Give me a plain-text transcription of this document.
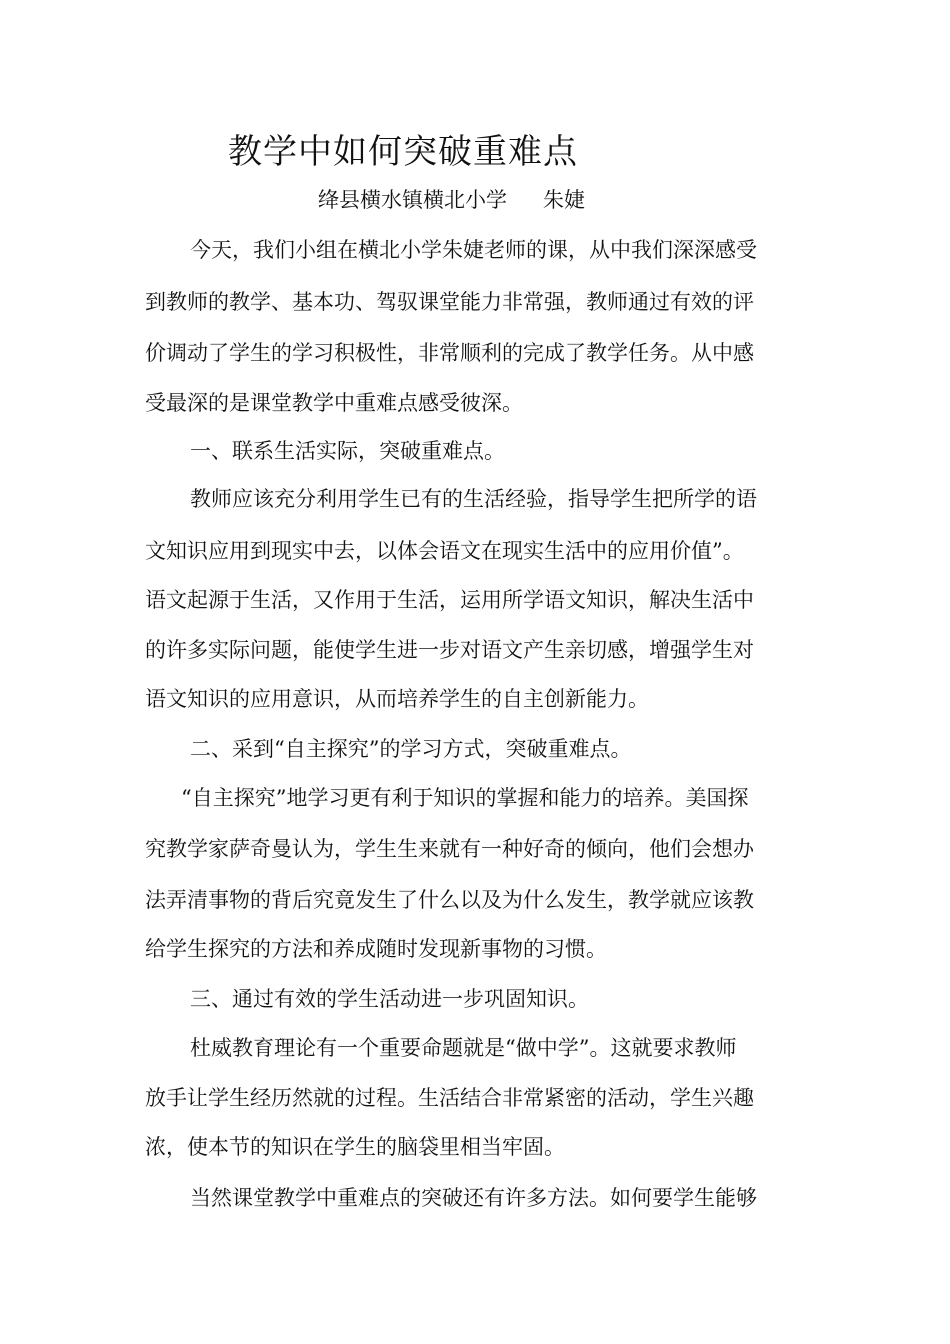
教学中如何突破重难点
绛县横水镇横北小学 朱婕
今天，我们小组在横北小学朱婕老师的课，从中我们深深感受
到教师的教学、基本功、驾驭课堂能力非常强，教师通过有效的评
价调动了学生的学习积极性，非常顺利的完成了教学任务。从中感
受最深的是课堂教学中重难点感受彼深。
一、联系生活实际，突破重难点。
教师应该充分利用学生已有的生活经验，指导学生把所学的语
文知识应用到现实中去，以体会语文在现实生活中的应用价值”。
语文起源于生活，又作用于生活，运用所学语文知识，解决生活中
的许多实际问题，能使学生进一步对语文产生亲切感，增强学生对
语文知识的应用意识，从而培养学生的自主创新能力。
二、采到“自主探究”的学习方式，突破重难点。
“自主探究”地学习更有利于知识的掌握和能力的培养。美国探
究教学家萨奇曼认为，学生生来就有一种好奇的倾向，他们会想办
法弄清事物的背后究竟发生了什么以及为什么发生，教学就应该教
给学生探究的方法和养成随时发现新事物的习惯。
三、通过有效的学生活动进一步巩固知识。
杜威教育理论有一个重要命题就是“做中学”。这就要求教师
放手让学生经历然就的过程。生活结合非常紧密的活动，学生兴趣
浓，使本节的知识在学生的脑袋里相当牢固。
当然课堂教学中重难点的突破还有许多方法。如何要学生能够
